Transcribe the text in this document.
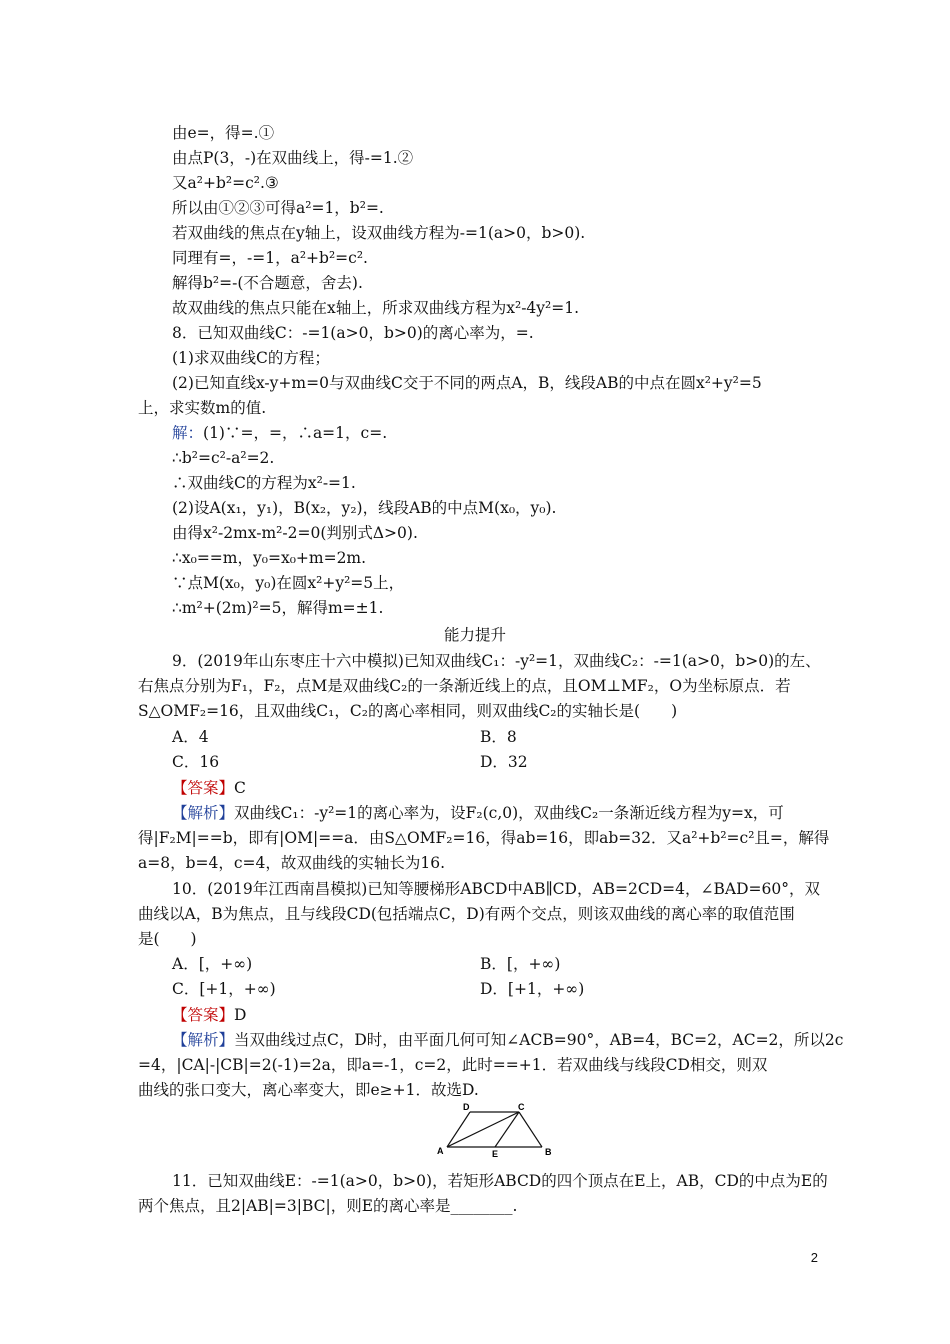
由e=，得=.①

由点P(3，-)在双曲线上，得-=1.②

又a²+b²=c².③

所以由①②③可得a²=1，b²=.

若双曲线的焦点在y轴上，设双曲线方程为-=1(a>0，b>0).

同理有=，-=1，a²+b²=c².

解得b²=-(不合题意，舍去).

故双曲线的焦点只能在x轴上，所求双曲线方程为x²-4y²=1.

8．已知双曲线C：-=1(a>0，b>0)的离心率为，=.

(1)求双曲线C的方程；

(2)已知直线x-y+m=0与双曲线C交于不同的两点A，B，线段AB的中点在圆x²+y²=5

上，求实数m的值.

解：(1)∵=，=，∴a=1，c=.

∴b²=c²-a²=2.

∴双曲线C的方程为x²-=1.

(2)设A(x₁，y₁)，B(x₂，y₂)，线段AB的中点M(x₀，y₀).

由得x²-2mx-m²-2=0(判别式Δ>0).

∴x₀==m，y₀=x₀+m=2m.

∵点M(x₀，y₀)在圆x²+y²=5上，

∴m²+(2m)²=5，解得m=±1.

能力提升

9．(2019年山东枣庄十六中模拟)已知双曲线C₁：-y²=1，双曲线C₂：-=1(a>0，b>0)的左、

右焦点分别为F₁，F₂，点M是双曲线C₂的一条渐近线上的点，且OM⊥MF₂，O为坐标原点．若

S△OMF₂=16，且双曲线C₁，C₂的离心率相同，则双曲线C₂的实轴长是(　　)

A．4	B．8
C．16	D．32

【答案】C

【解析】双曲线C₁：-y²=1的离心率为，设F₂(c,0)，双曲线C₂一条渐近线方程为y=x，可

得|F₂M|==b，即有|OM|==a．由S△OMF₂=16，得ab=16，即ab=32．又a²+b²=c²且=，解得

a=8，b=4，c=4，故双曲线的实轴长为16.

10．(2019年江西南昌模拟)已知等腰梯形ABCD中AB∥CD，AB=2CD=4，∠BAD=60°，双

曲线以A，B为焦点，且与线段CD(包括端点C，D)有两个交点，则该双曲线的离心率的取值范围

是(　　)

A．[，+∞)	B．[，+∞)
C．[+1，+∞)	D．[+1，+∞)

【答案】D

【解析】当双曲线过点C，D时，由平面几何可知∠ACB=90°，AB=4，BC=2，AC=2，所以2c

=4，|CA|-|CB|=2(-1)=2a，即a=-1，c=2，此时==+1．若双曲线与线段CD相交，则双

曲线的张口变大，离心率变大，即e≥+1．故选D.

A	B
C
D
E

11．已知双曲线E：-=1(a>0，b>0)，若矩形ABCD的四个顶点在E上，AB，CD的中点为E的

两个焦点，且2|AB|=3|BC|，则E的离心率是________.

2
